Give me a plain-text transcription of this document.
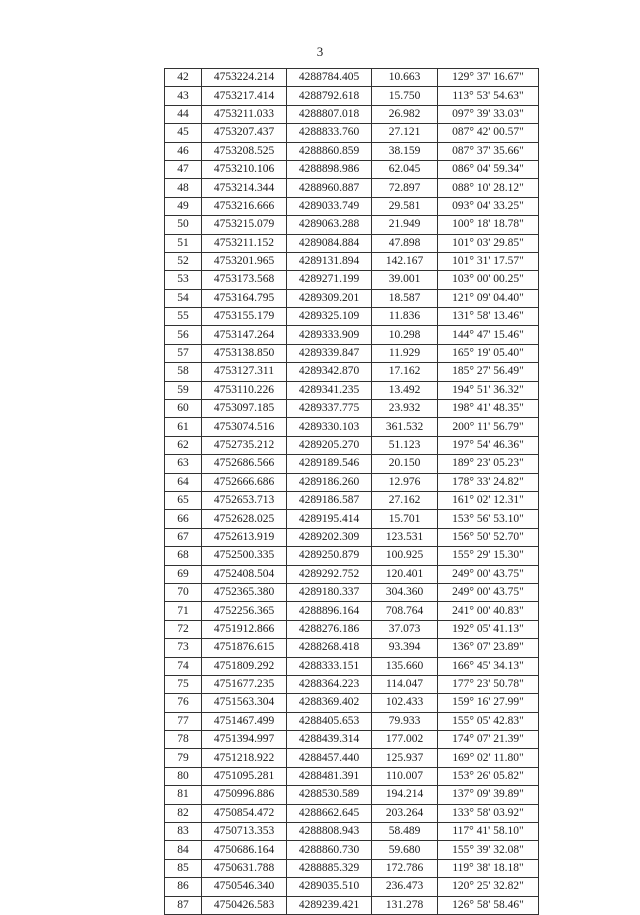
3
42	4753224.214	4288784.405	10.663	129° 37' 16.67"
43	4753217.414	4288792.618	15.750	113° 53' 54.63"
44	4753211.033	4288807.018	26.982	097° 39' 33.03"
45	4753207.437	4288833.760	27.121	087° 42' 00.57"
46	4753208.525	4288860.859	38.159	087° 37' 35.66"
47	4753210.106	4288898.986	62.045	086° 04' 59.34"
48	4753214.344	4288960.887	72.897	088° 10' 28.12"
49	4753216.666	4289033.749	29.581	093° 04' 33.25"
50	4753215.079	4289063.288	21.949	100° 18' 18.78"
51	4753211.152	4289084.884	47.898	101° 03' 29.85"
52	4753201.965	4289131.894	142.167	101° 31' 17.57"
53	4753173.568	4289271.199	39.001	103° 00' 00.25"
54	4753164.795	4289309.201	18.587	121° 09' 04.40"
55	4753155.179	4289325.109	11.836	131° 58' 13.46"
56	4753147.264	4289333.909	10.298	144° 47' 15.46"
57	4753138.850	4289339.847	11.929	165° 19' 05.40"
58	4753127.311	4289342.870	17.162	185° 27' 56.49"
59	4753110.226	4289341.235	13.492	194° 51' 36.32"
60	4753097.185	4289337.775	23.932	198° 41' 48.35"
61	4753074.516	4289330.103	361.532	200° 11' 56.79"
62	4752735.212	4289205.270	51.123	197° 54' 46.36"
63	4752686.566	4289189.546	20.150	189° 23' 05.23"
64	4752666.686	4289186.260	12.976	178° 33' 24.82"
65	4752653.713	4289186.587	27.162	161° 02' 12.31"
66	4752628.025	4289195.414	15.701	153° 56' 53.10"
67	4752613.919	4289202.309	123.531	156° 50' 52.70"
68	4752500.335	4289250.879	100.925	155° 29' 15.30"
69	4752408.504	4289292.752	120.401	249° 00' 43.75"
70	4752365.380	4289180.337	304.360	249° 00' 43.75"
71	4752256.365	4288896.164	708.764	241° 00' 40.83"
72	4751912.866	4288276.186	37.073	192° 05' 41.13"
73	4751876.615	4288268.418	93.394	136° 07' 23.89"
74	4751809.292	4288333.151	135.660	166° 45' 34.13"
75	4751677.235	4288364.223	114.047	177° 23' 50.78"
76	4751563.304	4288369.402	102.433	159° 16' 27.99"
77	4751467.499	4288405.653	79.933	155° 05' 42.83"
78	4751394.997	4288439.314	177.002	174° 07' 21.39"
79	4751218.922	4288457.440	125.937	169° 02' 11.80"
80	4751095.281	4288481.391	110.007	153° 26' 05.82"
81	4750996.886	4288530.589	194.214	137° 09' 39.89"
82	4750854.472	4288662.645	203.264	133° 58' 03.92"
83	4750713.353	4288808.943	58.489	117° 41' 58.10"
84	4750686.164	4288860.730	59.680	155° 39' 32.08"
85	4750631.788	4288885.329	172.786	119° 38' 18.18"
86	4750546.340	4289035.510	236.473	120° 25' 32.82"
87	4750426.583	4289239.421	131.278	126° 58' 58.46"
